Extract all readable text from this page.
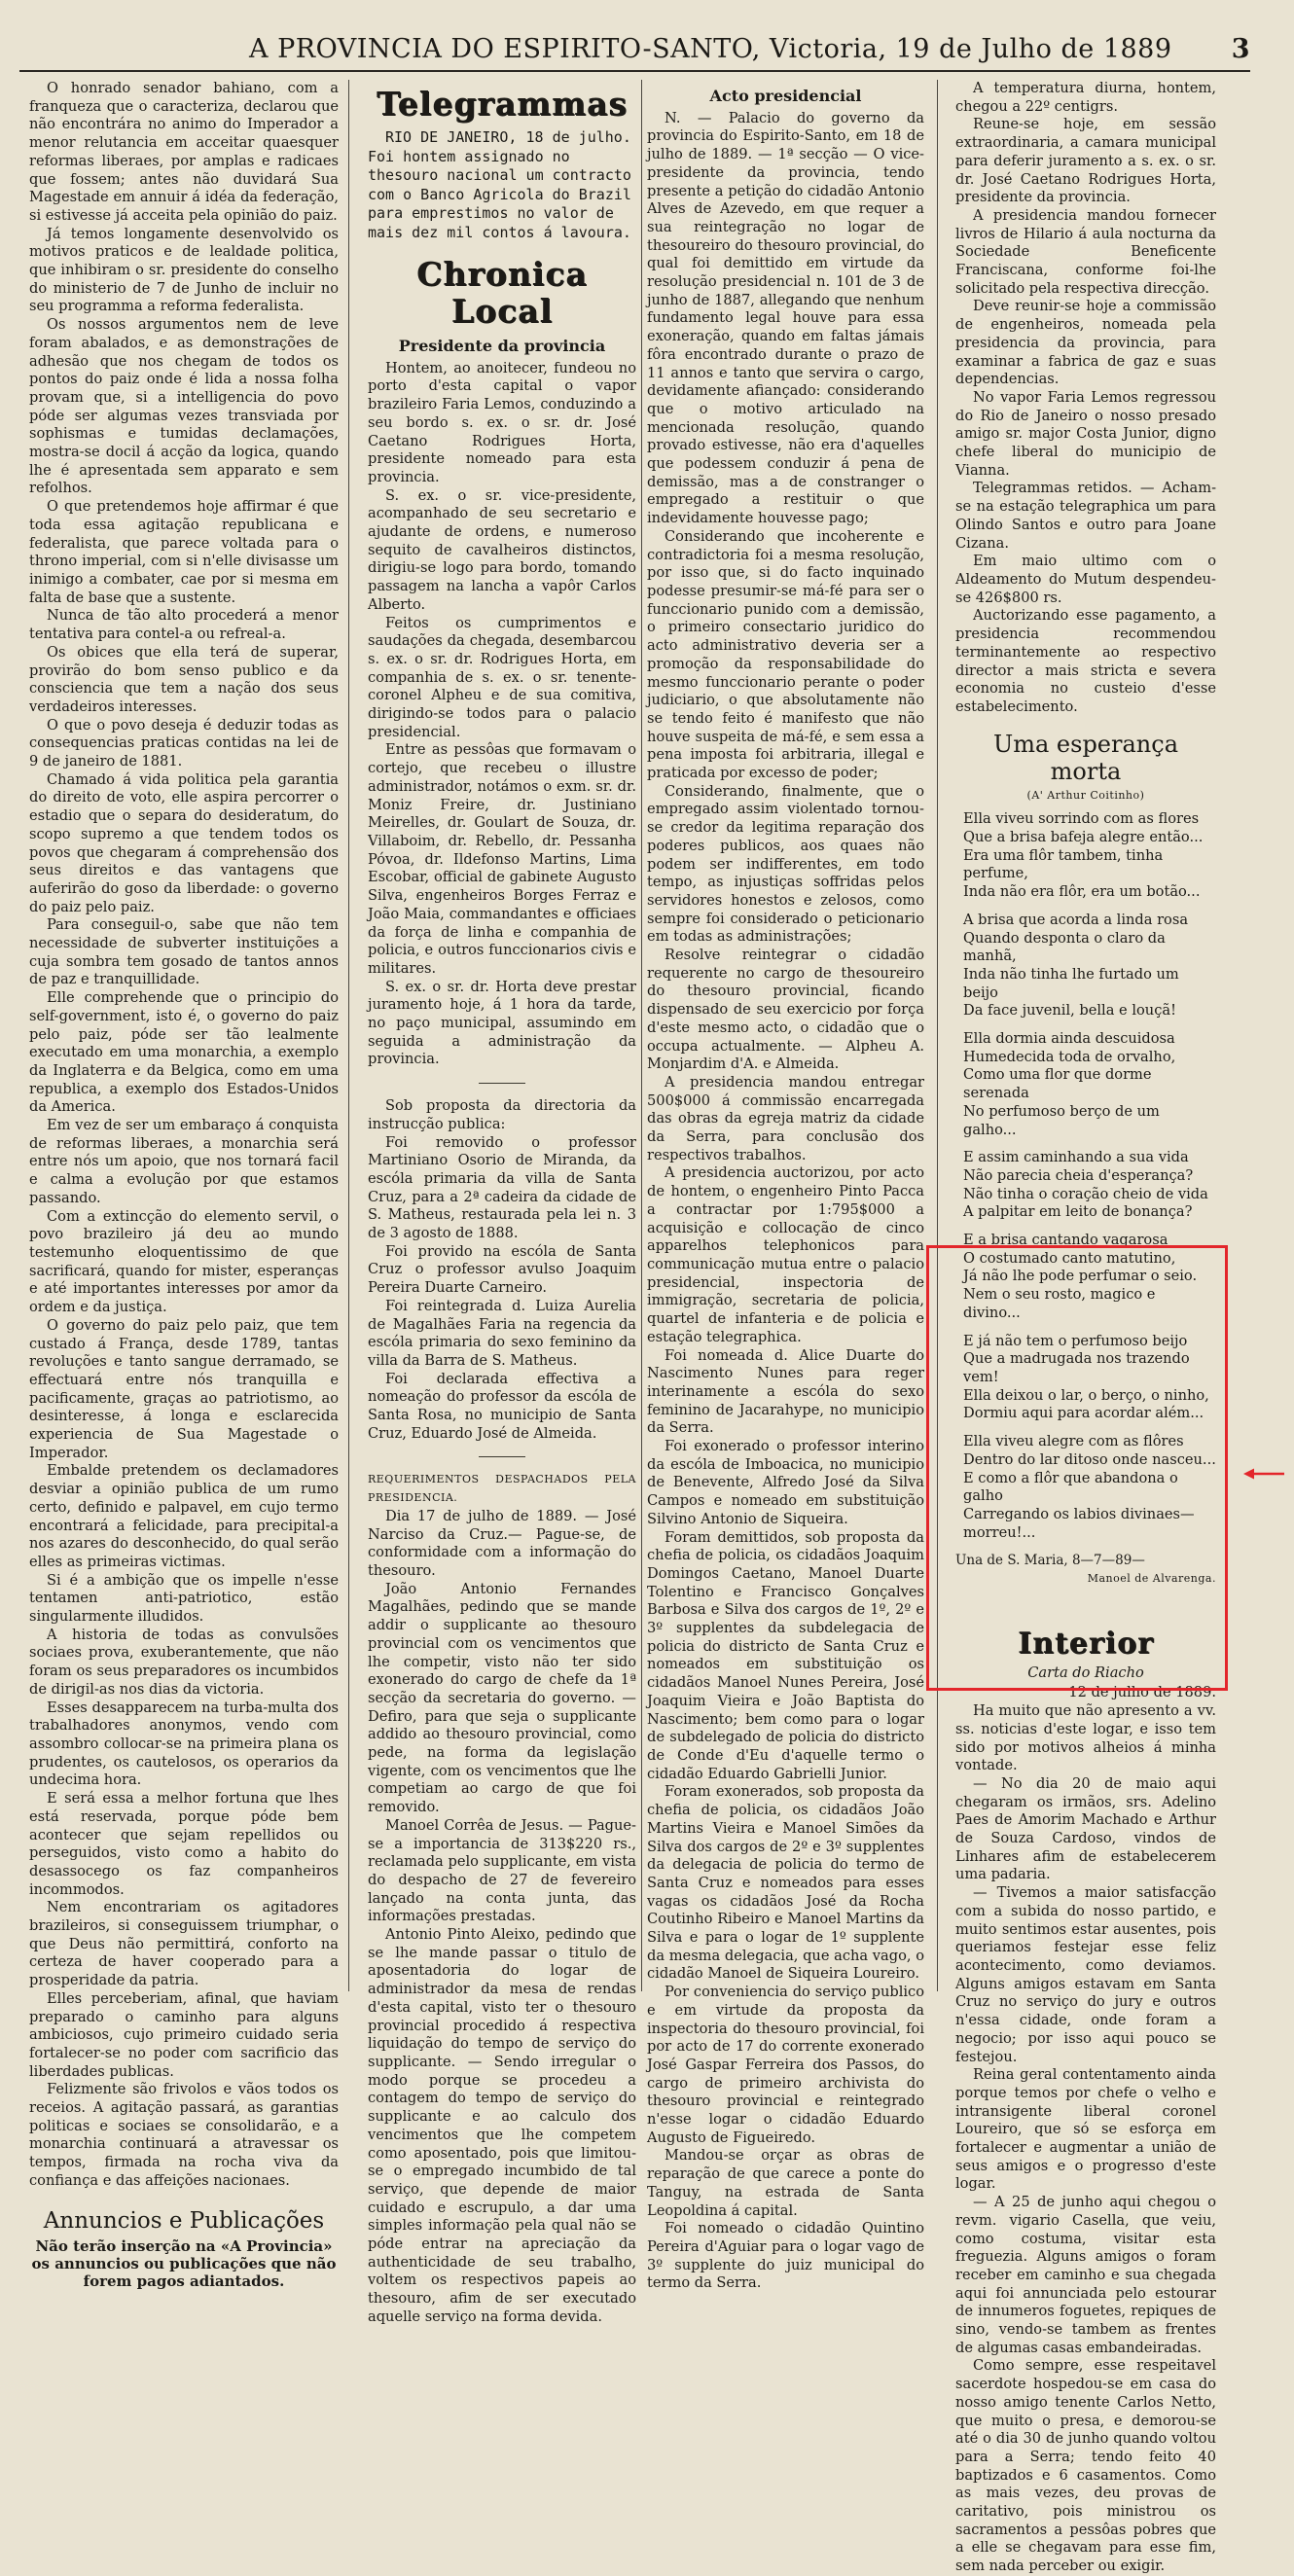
A PROVINCIA DO ESPIRITO-SANTO, Victoria, 19 de Julho de 1889 3

O honrado senador bahiano, com a franqueza que o caracteriza, declarou que não encontrára no animo do Imperador a menor relutancia em acceitar quaesquer reformas liberaes, por amplas e radicaes que fossem; antes não duvidará Sua Magestade em annuir á idéa da federação, si estivesse já acceita pela opinião do paiz.

Já temos longamente desenvolvido os motivos praticos e de lealdade politica, que inhibiram o sr. presidente do conselho do ministerio de 7 de Junho de incluir no seu programma a reforma federalista.

Os nossos argumentos nem de leve foram abalados, e as demonstrações de adhesão que nos chegam de todos os pontos do paiz onde é lida a nossa folha provam que, si a intelligencia do povo póde ser algumas vezes transviada por sophismas e tumidas declamações, mostra-se docil á acção da logica, quando lhe é apresentada sem apparato e sem refolhos.

O que pretendemos hoje affirmar é que toda essa agitação republicana e federalista, que parece voltada para o throno imperial, com si n'elle divisasse um inimigo a combater, cae por si mesma em falta de base que a sustente.

Nunca de tão alto procederá a menor tentativa para contel-a ou refreal-a.

Os obices que ella terá de superar, provirão do bom senso publico e da consciencia que tem a nação dos seus verdadeiros interesses.

O que o povo deseja é deduzir todas as consequencias praticas contidas na lei de 9 de janeiro de 1881.

Chamado á vida politica pela garantia do direito de voto, elle aspira percorrer o estadio que o separa do desideratum, do scopo supremo a que tendem todos os povos que chegaram á comprehensão dos seus direitos e das vantagens que auferirão do goso da liberdade: o governo do paiz pelo paiz.

Para conseguil-o, sabe que não tem necessidade de subverter instituições a cuja sombra tem gosado de tantos annos de paz e tranquillidade.

Elle comprehende que o principio do self-government, isto é, o governo do paiz pelo paiz, póde ser tão lealmente executado em uma monarchia, a exemplo da Inglaterra e da Belgica, como em uma republica, a exemplo dos Estados-Unidos da America.

Em vez de ser um embaraço á conquista de reformas liberaes, a monarchia será entre nós um apoio, que nos tornará facil e calma a evolução por que estamos passando.

Com a extincção do elemento servil, o povo brazileiro já deu ao mundo testemunho eloquentissimo de que sacrificará, quando for mister, esperanças e até importantes interesses por amor da ordem e da justiça.

O governo do paiz pelo paiz, que tem custado á França, desde 1789, tantas revoluções e tanto sangue derramado, se effectuará entre nós tranquilla e pacificamente, graças ao patriotismo, ao desinteresse, á longa e esclarecida experiencia de Sua Magestade o Imperador.

Embalde pretendem os declamadores desviar a opinião publica de um rumo certo, definido e palpavel, em cujo termo encontrará a felicidade, para precipital-a nos azares do desconhecido, do qual serão elles as primeiras victimas.

Si é a ambição que os impelle n'esse tentamen anti-patriotico, estão singularmente illudidos.

A historia de todas as convulsões sociaes prova, exuberantemente, que não foram os seus preparadores os incumbidos de dirigil-as nos dias da victoria.

Esses desapparecem na turba-multa dos trabalhadores anonymos, vendo com assombro collocar-se na primeira plana os prudentes, os cautelosos, os operarios da undecima hora.

E será essa a melhor fortuna que lhes está reservada, porque póde bem acontecer que sejam repellidos ou perseguidos, visto como a habito do desassocego os faz companheiros incommodos.

Nem encontrariam os agitadores brazileiros, si conseguissem triumphar, o que Deus não permittirá, conforto na certeza de haver cooperado para a prosperidade da patria.

Elles perceberiam, afinal, que haviam preparado o caminho para alguns ambiciosos, cujo primeiro cuidado seria fortalecer-se no poder com sacrificio das liberdades publicas.

Felizmente são frivolos e vãos todos os receios. A agitação passará, as garantias politicas e sociaes se consolidarão, e a monarchia continuará a atravessar os tempos, firmada na rocha viva da confiança e das affeições nacionaes.

Annuncios e Publicações
Não terão inserção na «A Provincia» os annuncios ou publicações que não forem pagos adiantados.
Telegrammas

RIO DE JANEIRO, 18 de julho. Foi hontem assignado no thesouro nacional um contracto com o Banco Agricola do Brazil para emprestimos no valor de mais dez mil contos á lavoura.

Chronica Local
Presidente da provincia

Hontem, ao anoitecer, fundeou no porto d'esta capital o vapor brazileiro Faria Lemos, conduzindo a seu bordo s. ex. o sr. dr. José Caetano Rodrigues Horta, presidente nomeado para esta provincia.

S. ex. o sr. vice-presidente, acompanhado de seu secretario e ajudante de ordens, e numeroso sequito de cavalheiros distinctos, dirigiu-se logo para bordo, tomando passagem na lancha a vapôr Carlos Alberto.

Feitos os cumprimentos e saudações da chegada, desembarcou s. ex. o sr. dr. Rodrigues Horta, em companhia de s. ex. o sr. tenente-coronel Alpheu e de sua comitiva, dirigindo-se todos para o palacio presidencial.

Entre as pessôas que formavam o cortejo, que recebeu o illustre administrador, notámos o exm. sr. dr. Moniz Freire, dr. Justiniano Meirelles, dr. Goulart de Souza, dr. Villaboim, dr. Rebello, dr. Pessanha Póvoa, dr. Ildefonso Martins, Lima Escobar, official de gabinete Augusto Silva, engenheiros Borges Ferraz e João Maia, commandantes e officiaes da força de linha e companhia de policia, e outros funccionarios civis e militares.

S. ex. o sr. dr. Horta deve prestar juramento hoje, á 1 hora da tarde, no paço municipal, assumindo em seguida a administração da provincia.

Sob proposta da directoria da instrucção publica:

Foi removido o professor Martiniano Osorio de Miranda, da escóla primaria da villa de Santa Cruz, para a 2ª cadeira da cidade de S. Matheus, restaurada pela lei n. 3 de 3 agosto de 1888.

Foi provido na escóla de Santa Cruz o professor avulso Joaquim Pereira Duarte Carneiro.

Foi reintegrada d. Luiza Aurelia de Magalhães Faria na regencia da escóla primaria do sexo feminino da villa da Barra de S. Matheus.

Foi declarada effectiva a nomeação do professor da escóla de Santa Rosa, no municipio de Santa Cruz, Eduardo José de Almeida.

REQUERIMENTOS DESPACHADOS PELA PRESIDENCIA.

Dia 17 de julho de 1889. — José Narciso da Cruz.— Pague-se, de conformidade com a informação do thesouro.

João Antonio Fernandes Magalhães, pedindo que se mande addir o supplicante ao thesouro provincial com os vencimentos que lhe competir, visto não ter sido exonerado do cargo de chefe da 1ª secção da secretaria do governo. — Defiro, para que seja o supplicante addido ao thesouro provincial, como pede, na forma da legislação vigente, com os vencimentos que lhe competiam ao cargo de que foi removido.

Manoel Corrêa de Jesus. — Pague-se a importancia de 313$220 rs., reclamada pelo supplicante, em vista do despacho de 27 de fevereiro lançado na conta junta, das informações prestadas.

Antonio Pinto Aleixo, pedindo que se lhe mande passar o titulo de aposentadoria do logar de administrador da mesa de rendas d'esta capital, visto ter o thesouro provincial procedido á respectiva liquidação do tempo de serviço do supplicante. — Sendo irregular o modo porque se procedeu a contagem do tempo de serviço do supplicante e ao calculo dos vencimentos que lhe competem como aposentado, pois que limitou-se o empregado incumbido de tal serviço, que depende de maior cuidado e escrupulo, a dar uma simples informação pela qual não se póde entrar na apreciação da authenticidade de seu trabalho, voltem os respectivos papeis ao thesouro, afim de ser executado aquelle serviço na forma devida.

Acto presidencial

N. — Palacio do governo da provincia do Espirito-Santo, em 18 de julho de 1889. — 1ª secção — O vice-presidente da provincia, tendo presente a petição do cidadão Antonio Alves de Azevedo, em que requer a sua reintegração no logar de thesoureiro do thesouro provincial, do qual foi demittido em virtude da resolução presidencial n. 101 de 3 de junho de 1887, allegando que nenhum fundamento legal houve para essa exoneração, quando em faltas jámais fôra encontrado durante o prazo de 11 annos e tanto que servira o cargo, devidamente afiançado: considerando que o motivo articulado na mencionada resolução, quando provado estivesse, não era d'aquelles que podessem conduzir á pena de demissão, mas a de constranger o empregado a restituir o que indevidamente houvesse pago;

Considerando que incoherente e contradictoria foi a mesma resolução, por isso que, si do facto inquinado podesse presumir-se má-fé para ser o funccionario punido com a demissão, o primeiro consectario juridico do acto administrativo deveria ser a promoção da responsabilidade do mesmo funccionario perante o poder judiciario, o que absolutamente não se tendo feito é manifesto que não houve suspeita de má-fé, e sem essa a pena imposta foi arbitraria, illegal e praticada por excesso de poder;

Considerando, finalmente, que o empregado assim violentado tornou-se credor da legitima reparação dos poderes publicos, aos quaes não podem ser indifferentes, em todo tempo, as injustiças soffridas pelos servidores honestos e zelosos, como sempre foi considerado o peticionario em todas as administrações;

Resolve reintegrar o cidadão requerente no cargo de thesoureiro do thesouro provincial, ficando dispensado de seu exercicio por força d'este mesmo acto, o cidadão que o occupa actualmente. — Alpheu A. Monjardim d'A. e Almeida.

A presidencia mandou entregar 500$000 á commissão encarregada das obras da egreja matriz da cidade da Serra, para conclusão dos respectivos trabalhos.

A presidencia auctorizou, por acto de hontem, o engenheiro Pinto Pacca a contractar por 1:795$000 a acquisição e collocação de cinco apparelhos telephonicos para communicação mutua entre o palacio presidencial, inspectoria de immigração, secretaria de policia, quartel de infanteria e de policia e estação telegraphica.

Foi nomeada d. Alice Duarte do Nascimento Nunes para reger interinamente a escóla do sexo feminino de Jacarahype, no municipio da Serra.

Foi exonerado o professor interino da escóla de Imboacica, no municipio de Benevente, Alfredo José da Silva Campos e nomeado em substituição Silvino Antonio de Siqueira.

Foram demittidos, sob proposta da chefia de policia, os cidadãos Joaquim Domingos Caetano, Manoel Duarte Tolentino e Francisco Gonçalves Barbosa e Silva dos cargos de 1º, 2º e 3º supplentes da subdelegacia de policia do districto de Santa Cruz e nomeados em substituição os cidadãos Manoel Nunes Pereira, José Joaquim Vieira e João Baptista do Nascimento; bem como para o logar de subdelegado de policia do districto de Conde d'Eu d'aquelle termo o cidadão Eduardo Gabrielli Junior.

Foram exonerados, sob proposta da chefia de policia, os cidadãos João Martins Vieira e Manoel Simões da Silva dos cargos de 2º e 3º supplentes da delegacia de policia do termo de Santa Cruz e nomeados para esses vagas os cidadãos José da Rocha Coutinho Ribeiro e Manoel Martins da Silva e para o logar de 1º supplente da mesma delegacia, que acha vago, o cidadão Manoel de Siqueira Loureiro.

Por conveniencia do serviço publico e em virtude da proposta da inspectoria do thesouro provincial, foi por acto de 17 do corrente exonerado José Gaspar Ferreira dos Passos, do cargo de primeiro archivista do thesouro provincial e reintegrado n'esse logar o cidadão Eduardo Augusto de Figueiredo.

Mandou-se orçar as obras de reparação de que carece a ponte do Tanguy, na estrada de Santa Leopoldina á capital.

Foi nomeado o cidadão Quintino Pereira d'Aguiar para o logar vago de 3º supplente do juiz municipal do termo da Serra.

A temperatura diurna, hontem, chegou a 22º centigrs.

Reune-se hoje, em sessão extraordinaria, a camara municipal para deferir juramento a s. ex. o sr. dr. José Caetano Rodrigues Horta, presidente da provincia.

A presidencia mandou fornecer livros de Hilario á aula nocturna da Sociedade Beneficente Franciscana, conforme foi-lhe solicitado pela respectiva direcção.

Deve reunir-se hoje a commissão de engenheiros, nomeada pela presidencia da provincia, para examinar a fabrica de gaz e suas dependencias.

No vapor Faria Lemos regressou do Rio de Janeiro o nosso presado amigo sr. major Costa Junior, digno chefe liberal do municipio de Vianna.

Telegrammas retidos. — Acham-se na estação telegraphica um para Olindo Santos e outro para Joane Cizana.

Em maio ultimo com o Aldeamento do Mutum despendeu-se 426$800 rs.

Auctorizando esse pagamento, a presidencia recommendou terminantemente ao respectivo director a mais stricta e severa economia no custeio d'esse estabelecimento.

Uma esperança morta
(A' Arthur Coitinho)
Ella viveu sorrindo com as flores
Que a brisa bafeja alegre então...
Era uma flôr tambem, tinha perfume,
Inda não era flôr, era um botão...
A brisa que acorda a linda rosa
Quando desponta o claro da manhã,
Inda não tinha lhe furtado um beijo
Da face juvenil, bella e louçã!
Ella dormia ainda descuidosa
Humedecida toda de orvalho,
Como uma flor que dorme serenada
No perfumoso berço de um galho...
E assim caminhando a sua vida
Não parecia cheia d'esperança?
Não tinha o coração cheio de vida
A palpitar em leito de bonança?
E a brisa cantando vagarosa
O costumado canto matutino,
Já não lhe pode perfumar o seio.
Nem o seu rosto, magico e divino...
E já não tem o perfumoso beijo
Que a madrugada nos trazendo vem!
Ella deixou o lar, o berço, o ninho,
Dormiu aqui para acordar além...
Ella viveu alegre com as flôres
Dentro do lar ditoso onde nasceu...
E como a flôr que abandona o galho
Carregando os labios divinaes—morreu!...

Una de S. Maria, 8—7—89—

Manoel de Alvarenga.
Interior
Carta do Riacho
12 de julho de 1889.

Ha muito que não apresento a vv. ss. noticias d'este logar, e isso tem sido por motivos alheios á minha vontade.

— No dia 20 de maio aqui chegaram os irmãos, srs. Adelino Paes de Amorim Machado e Arthur de Souza Cardoso, vindos de Linhares afim de estabelecerem uma padaria.

— Tivemos a maior satisfacção com a subida do nosso partido, e muito sentimos estar ausentes, pois queriamos festejar esse feliz acontecimento, como deviamos. Alguns amigos estavam em Santa Cruz no serviço do jury e outros n'essa cidade, onde foram a negocio; por isso aqui pouco se festejou.

Reina geral contentamento ainda porque temos por chefe o velho e intransigente liberal coronel Loureiro, que só se esforça em fortalecer e augmentar a união de seus amigos e o progresso d'este logar.

— A 25 de junho aqui chegou o revm. vigario Casella, que veiu, como costuma, visitar esta freguezia. Alguns amigos o foram receber em caminho e sua chegada aqui foi annunciada pelo estourar de innumeros foguetes, repiques de sino, vendo-se tambem as frentes de algumas casas embandeiradas.

Como sempre, esse respeitavel sacerdote hospedou-se em casa do nosso amigo tenente Carlos Netto, que muito o presa, e demorou-se até o dia 30 de junho quando voltou para a Serra; tendo feito 40 baptizados e 6 casamentos. Como as mais vezes, deu provas de caritativo, pois ministrou os sacramentos a pessôas pobres que a elle se chegavam para esse fim, sem nada perceber ou exigir.
